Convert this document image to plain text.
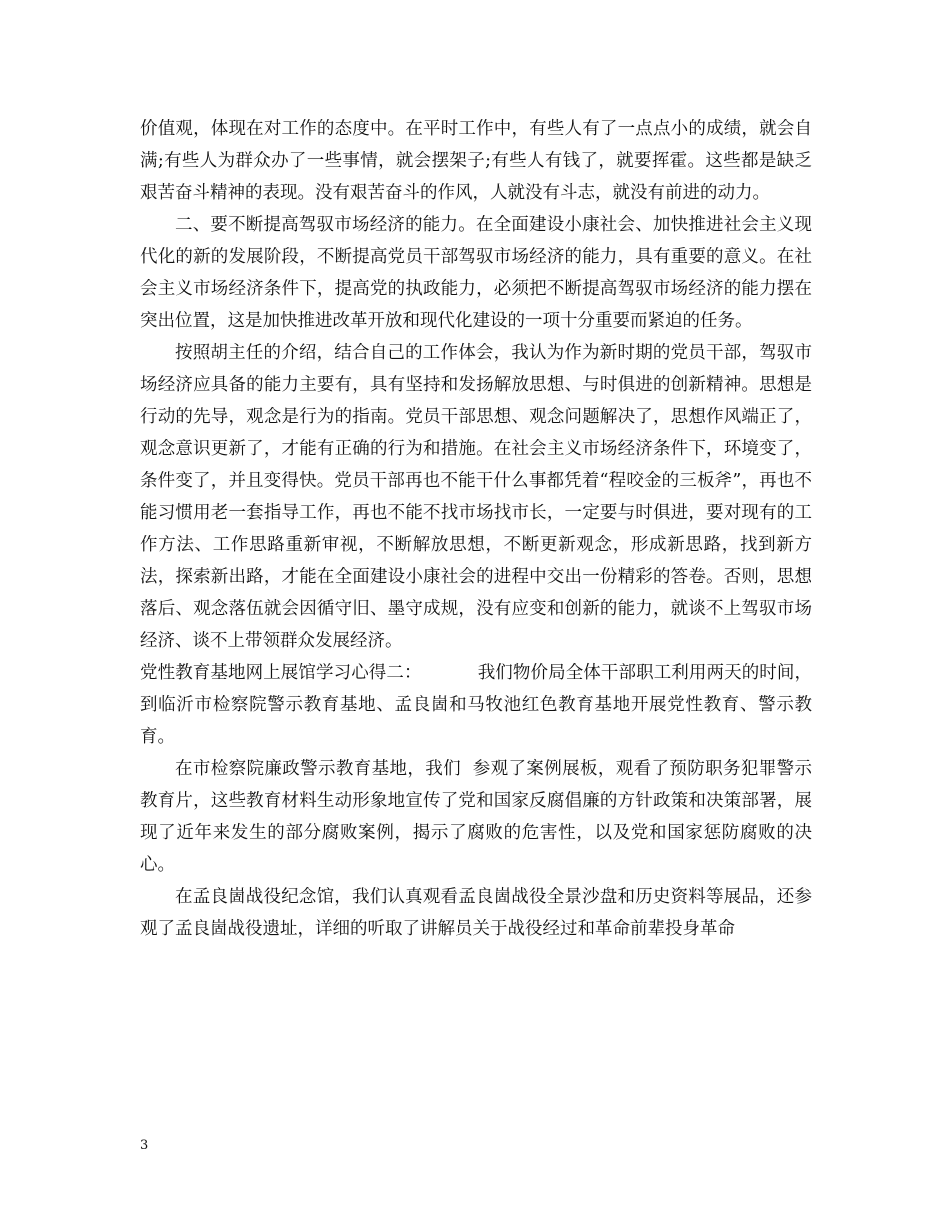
价值观，体现在对工作的态度中。在平时工作中，有些人有了一点点小的成绩，就会自满;有些人为群众办了一些事情，就会摆架子;有些人有钱了，就要挥霍。这些都是缺乏艰苦奋斗精神的表现。没有艰苦奋斗的作风，人就没有斗志，就没有前进的动力。

二、要不断提高驾驭市场经济的能力。在全面建设小康社会、加快推进社会主义现代化的新的发展阶段，不断提高党员干部驾驭市场经济的能力，具有重要的意义。在社会主义市场经济条件下，提高党的执政能力，必须把不断提高驾驭市场经济的能力摆在突出位置，这是加快推进改革开放和现代化建设的一项十分重要而紧迫的任务。

按照胡主任的介绍，结合自己的工作体会，我认为作为新时期的党员干部，驾驭市场经济应具备的能力主要有，具有坚持和发扬解放思想、与时俱进的创新精神。思想是行动的先导，观念是行为的指南。党员干部思想、观念问题解决了，思想作风端正了，观念意识更新了，才能有正确的行为和措施。在社会主义市场经济条件下，环境变了，条件变了，并且变得快。党员干部再也不能干什么事都凭着“程咬金的三板斧”，再也不能习惯用老一套指导工作，再也不能不找市场找市长，一定要与时俱进，要对现有的工作方法、工作思路重新审视，不断解放思想，不断更新观念，形成新思路，找到新方法，探索新出路，才能在全面建设小康社会的进程中交出一份精彩的答卷。否则，思想落后、观念落伍就会因循守旧、墨守成规，没有应变和创新的能力，就谈不上驾驭市场经济、谈不上带领群众发展经济。

党性教育基地网上展馆学习心得二：	我们物价局全体干部职工利用两天的时间，到临沂市检察院警示教育基地、孟良崮和马牧池红色教育基地开展党性教育、警示教育。

在市检察院廉政警示教育基地，我们  参观了案例展板，观看了预防职务犯罪警示教育片，这些教育材料生动形象地宣传了党和国家反腐倡廉的方针政策和决策部署，展现了近年来发生的部分腐败案例，揭示了腐败的危害性，以及党和国家惩防腐败的决心。

在孟良崮战役纪念馆，我们认真观看孟良崮战役全景沙盘和历史资料等展品，还参观了孟良崮战役遗址，详细的听取了讲解员关于战役经过和革命前辈投身革命

3
